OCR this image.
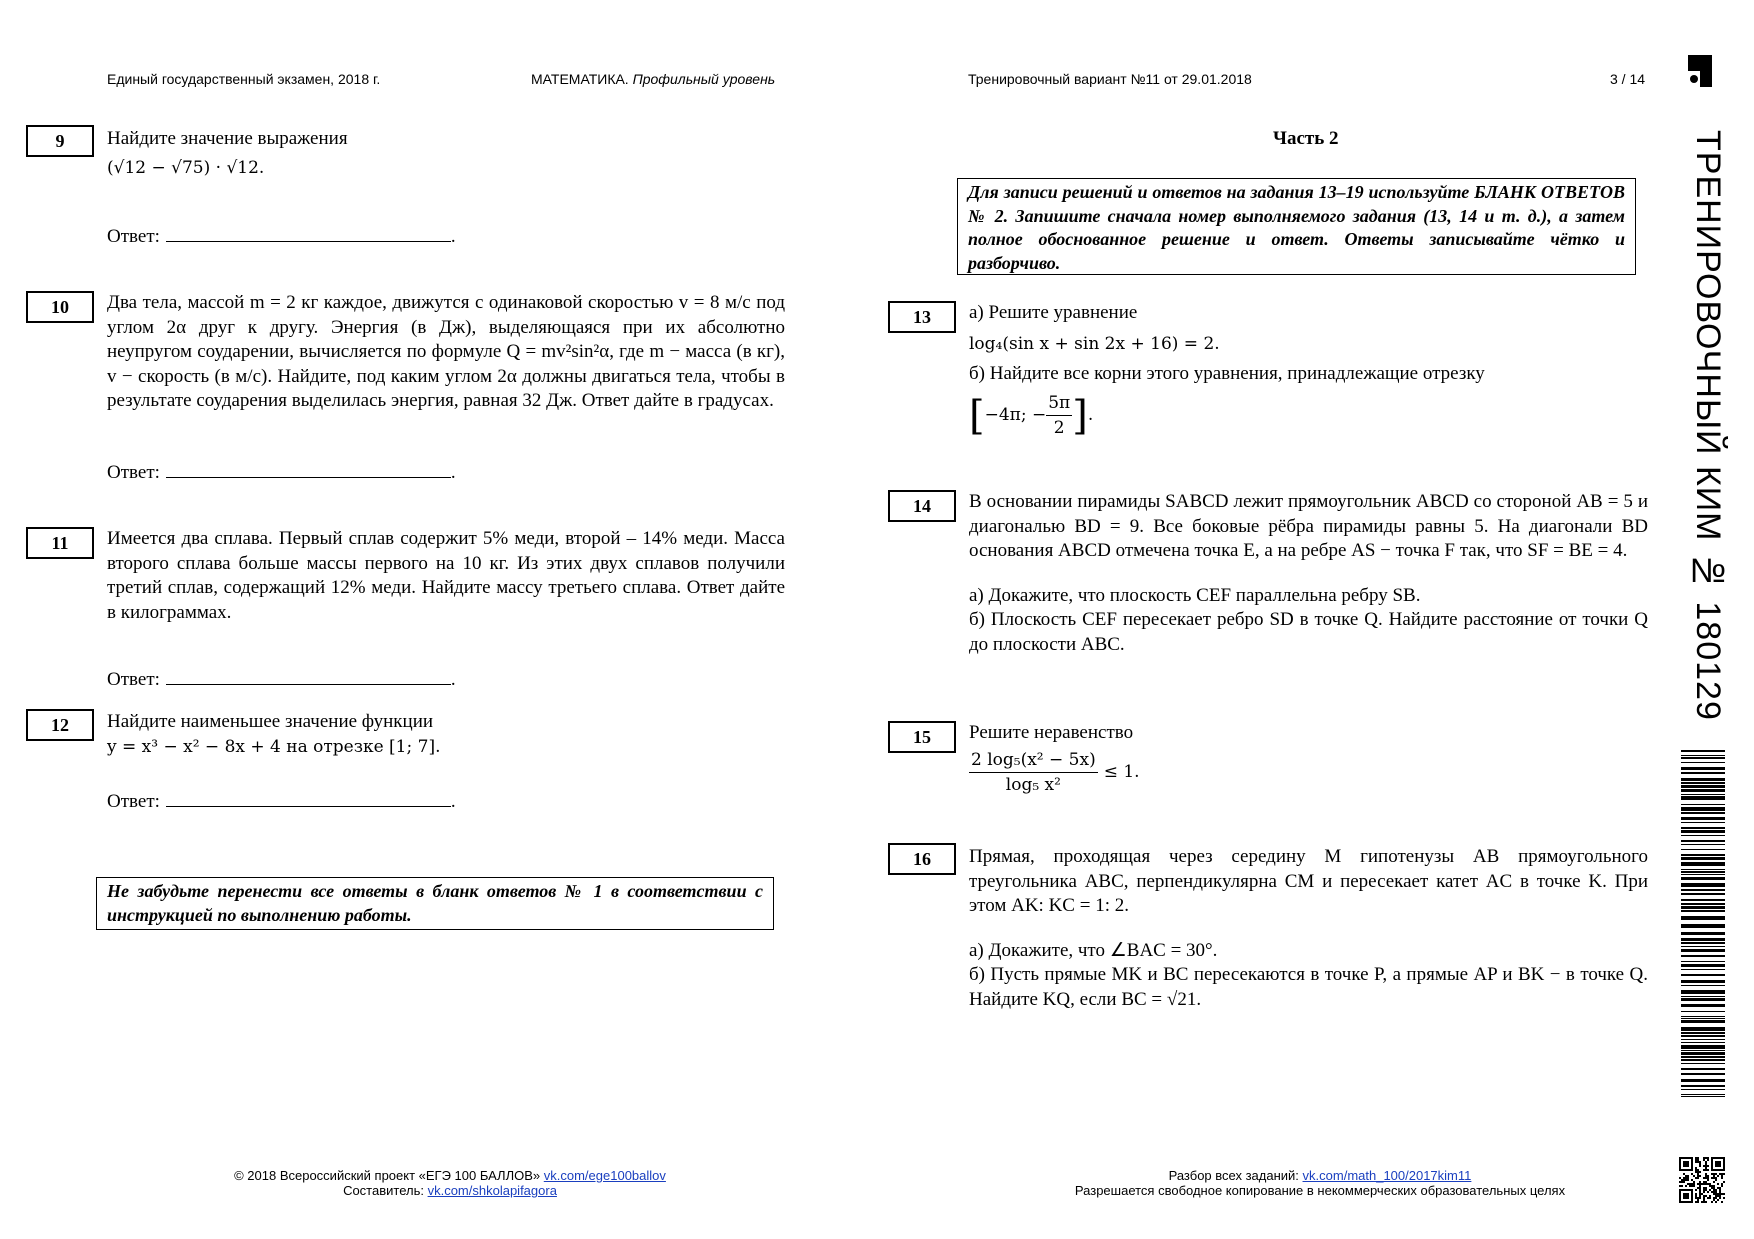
Единый государственный экзамен, 2018 г.	МАТЕМАТИКА. Профильный уровень	Тренировочный вариант №11 от 29.01.2018	3 / 14
ТРЕНИРОВОЧНЫЙ КИМ № 180129
9	Найдите значение выражения
(√12 − √75) · √12.
Ответ:	.
10	Два тела, массой m = 2 кг каждое, движутся с одинаковой скоростью v = 8 м/с под углом 2α друг к другу. Энергия (в Дж), выделяющаяся при их абсолютно неупругом соударении, вычисляется по формуле Q = mv²sin²α, где m − масса (в кг), v − скорость (в м/с). Найдите, под каким углом 2α должны двигаться тела, чтобы в результате соударения выделилась энергия, равная 32 Дж. Ответ дайте в градусах.
Ответ:	.
11	Имеется два сплава. Первый сплав содержит 5% меди, второй – 14% меди. Масса второго сплава больше массы первого на 10 кг. Из этих двух сплавов получили третий сплав, содержащий 12% меди. Найдите массу третьего сплава. Ответ дайте в килограммах.
Ответ:	.
12	Найдите наименьшее значение функции
y = x³ − x² − 8x + 4 на отрезке [1; 7].
Ответ:	.
Не забудьте перенести все ответы в бланк ответов № 1 в соответствии с инструкцией по выполнению работы.
Часть 2
Для записи решений и ответов на задания 13–19 используйте БЛАНК ОТВЕТОВ № 2. Запишите сначала номер выполняемого задания (13, 14 и т. д.), а затем полное обоснованное решение и ответ. Ответы записывайте чётко и разборчиво.
13	а) Решите уравнение
log₄(sin x + sin 2x + 16) = 2.
б) Найдите все корни этого уравнения, принадлежащие отрезку
[ −4π; − $\frac{5\pi}{2}$ ] .
14	В основании пирамиды SABCD лежит прямоугольник ABCD со стороной AB = 5 и диагональю BD = 9. Все боковые рёбра пирамиды равны 5. На диагонали BD основания ABCD отмечена точка E, а на ребре AS − точка F так, что SF = BE = 4.
а) Докажите, что плоскость CEF параллельна ребру SB.
б) Плоскость CEF пересекает ребро SD в точке Q. Найдите расстояние от точки Q до плоскости ABC.
15	Решите неравенство
$\frac{\text{2 log₅(x² − 5x)}}{\text{log₅ x²}} \le 1$.
16	Прямая, проходящая через середину M гипотенузы AB прямоугольного треугольника ABC, перпендикулярна CM и пересекает катет AC в точке K. При этом AK: KC = 1: 2.
а) Докажите, что ∠BAC = 30°.
б) Пусть прямые MK и BC пересекаются в точке P, а прямые AP и BK − в точке Q. Найдите KQ, если BC = √21.
© 2018 Всероссийский проект «ЕГЭ 100 БАЛЛОВ» vk.com/ege100ballov
Составитель: vk.com/shkolapifagora
Разбор всех заданий: vk.com/math_100/2017kim11
Разрешается свободное копирование в некоммерческих образовательных целях
